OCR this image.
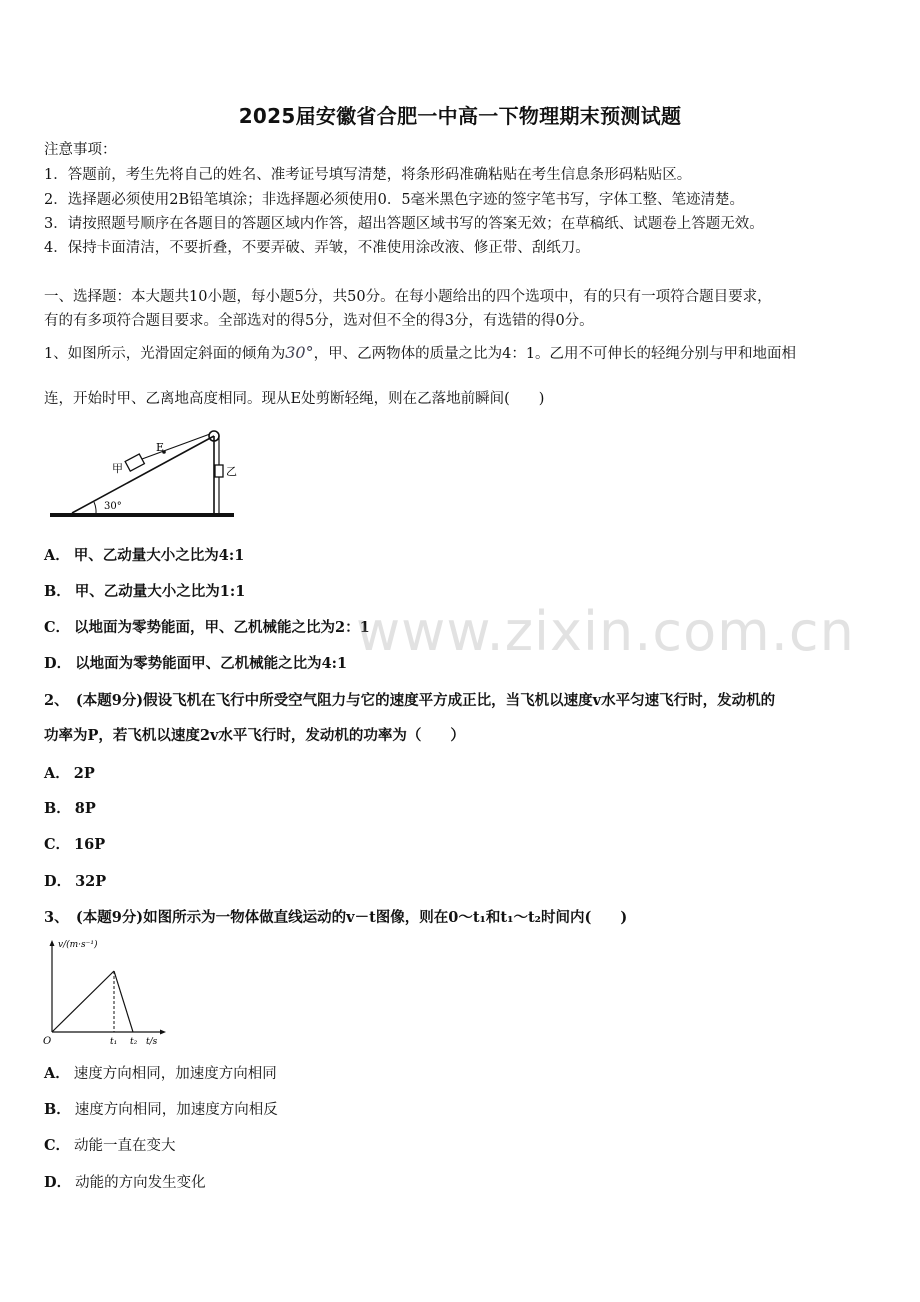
2025届安徽省合肥一中高一下物理期末预测试题
注意事项：
1．答题前，考生先将自己的姓名、准考证号填写清楚，将条形码准确粘贴在考生信息条形码粘贴区。
2．选择题必须使用2B铅笔填涂；非选择题必须使用0．5毫米黑色字迹的签字笔书写，字体工整、笔迹清楚。
3．请按照题号顺序在各题目的答题区域内作答，超出答题区域书写的答案无效；在草稿纸、试题卷上答题无效。
4．保持卡面清洁，不要折叠，不要弄破、弄皱，不准使用涂改液、修正带、刮纸刀。
一、选择题：本大题共10小题，每小题5分，共50分。在每小题给出的四个选项中，有的只有一项符合题目要求，
有的有多项符合题目要求。全部选对的得5分，选对但不全的得3分，有选错的得0分。
1、如图所示，光滑固定斜面的倾角为30°，甲、乙两物体的质量之比为4：1。乙用不可伸长的轻绳分别与甲和地面相
连，开始时甲、乙离地高度相同。现从E处剪断轻绳，则在乙落地前瞬间(　　)
甲
E
乙
30°
A． 甲、乙动量大小之比为4:1
B． 甲、乙动量大小之比为1:1
C． 以地面为零势能面，甲、乙机械能之比为2：1
D． 以地面为零势能面甲、乙机械能之比为4:1
2、　(本题9分)假设飞机在飞行中所受空气阻力与它的速度平方成正比，当飞机以速度v水平匀速飞行时，发动机的
功率为P，若飞机以速度2v水平飞行时，发动机的功率为（　　）
A． 2P
B． 8P
C． 16P
D． 32P
3、　(本题9分)如图所示为一物体做直线运动的v－t图像，则在0～t₁和t₁～t₂时间内(　　)
v/(m·s⁻¹)
O	t₁ t₂ t/s
A． 速度方向相同，加速度方向相同
B． 速度方向相同，加速度方向相反
C． 动能一直在变大
D． 动能的方向发生变化
www.zixin.com.cn
